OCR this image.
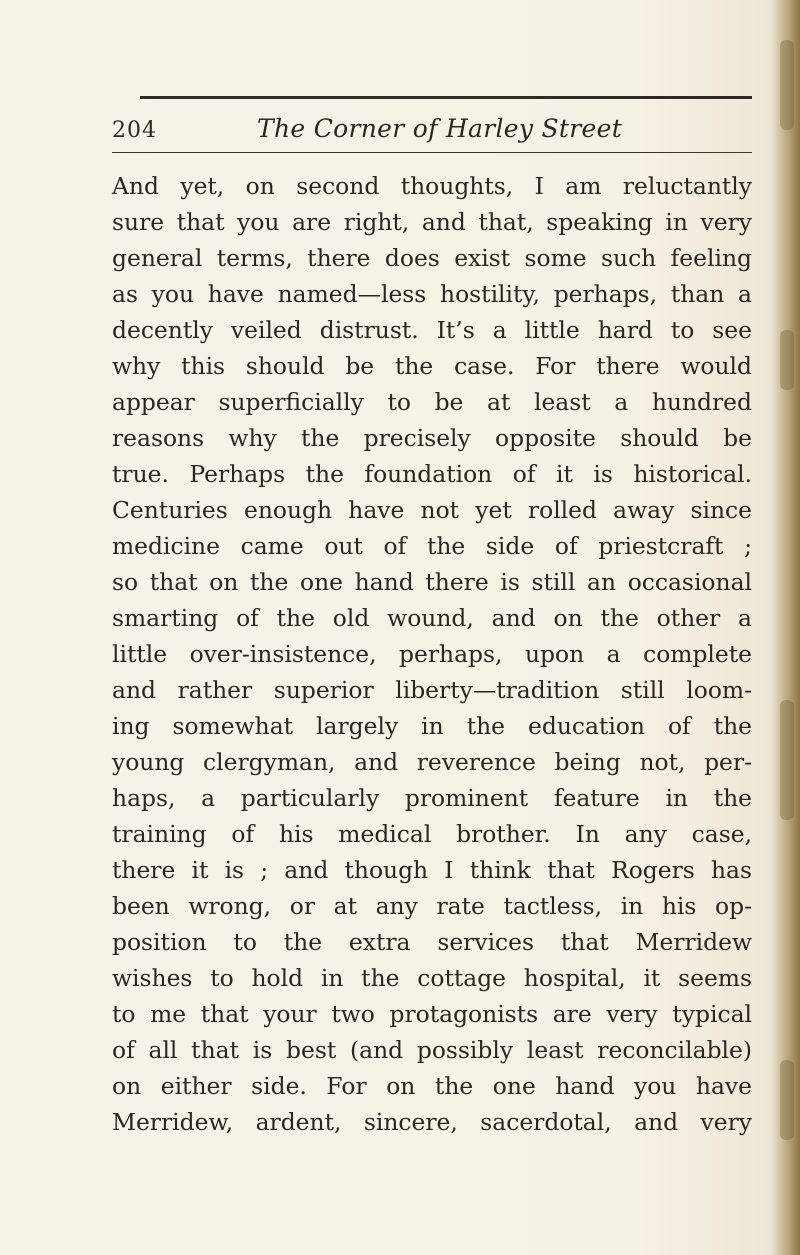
204	The Corner of Harley Street
And yet, on second thoughts, I am reluctantly
sure that you are right, and that, speaking in very
general terms, there does exist some such feeling
as you have named—less hostility, perhaps, than a
decently veiled distrust. It’s a little hard to see
why this should be the case. For there would
appear superficially to be at least a hundred
reasons why the precisely opposite should be
true. Perhaps the foundation of it is historical.
Centuries enough have not yet rolled away since
medicine came out of the side of priestcraft ;
so that on the one hand there is still an occasional
smarting of the old wound, and on the other a
little over-insistence, perhaps, upon a complete
and rather superior liberty—tradition still loom-
ing somewhat largely in the education of the
young clergyman, and reverence being not, per-
haps, a particularly prominent feature in the
training of his medical brother. In any case,
there it is ; and though I think that Rogers has
been wrong, or at any rate tactless, in his op-
position to the extra services that Merridew
wishes to hold in the cottage hospital, it seems
to me that your two protagonists are very typical
of all that is best (and possibly least reconcilable)
on either side. For on the one hand you have
Merridew, ardent, sincere, sacerdotal, and very
